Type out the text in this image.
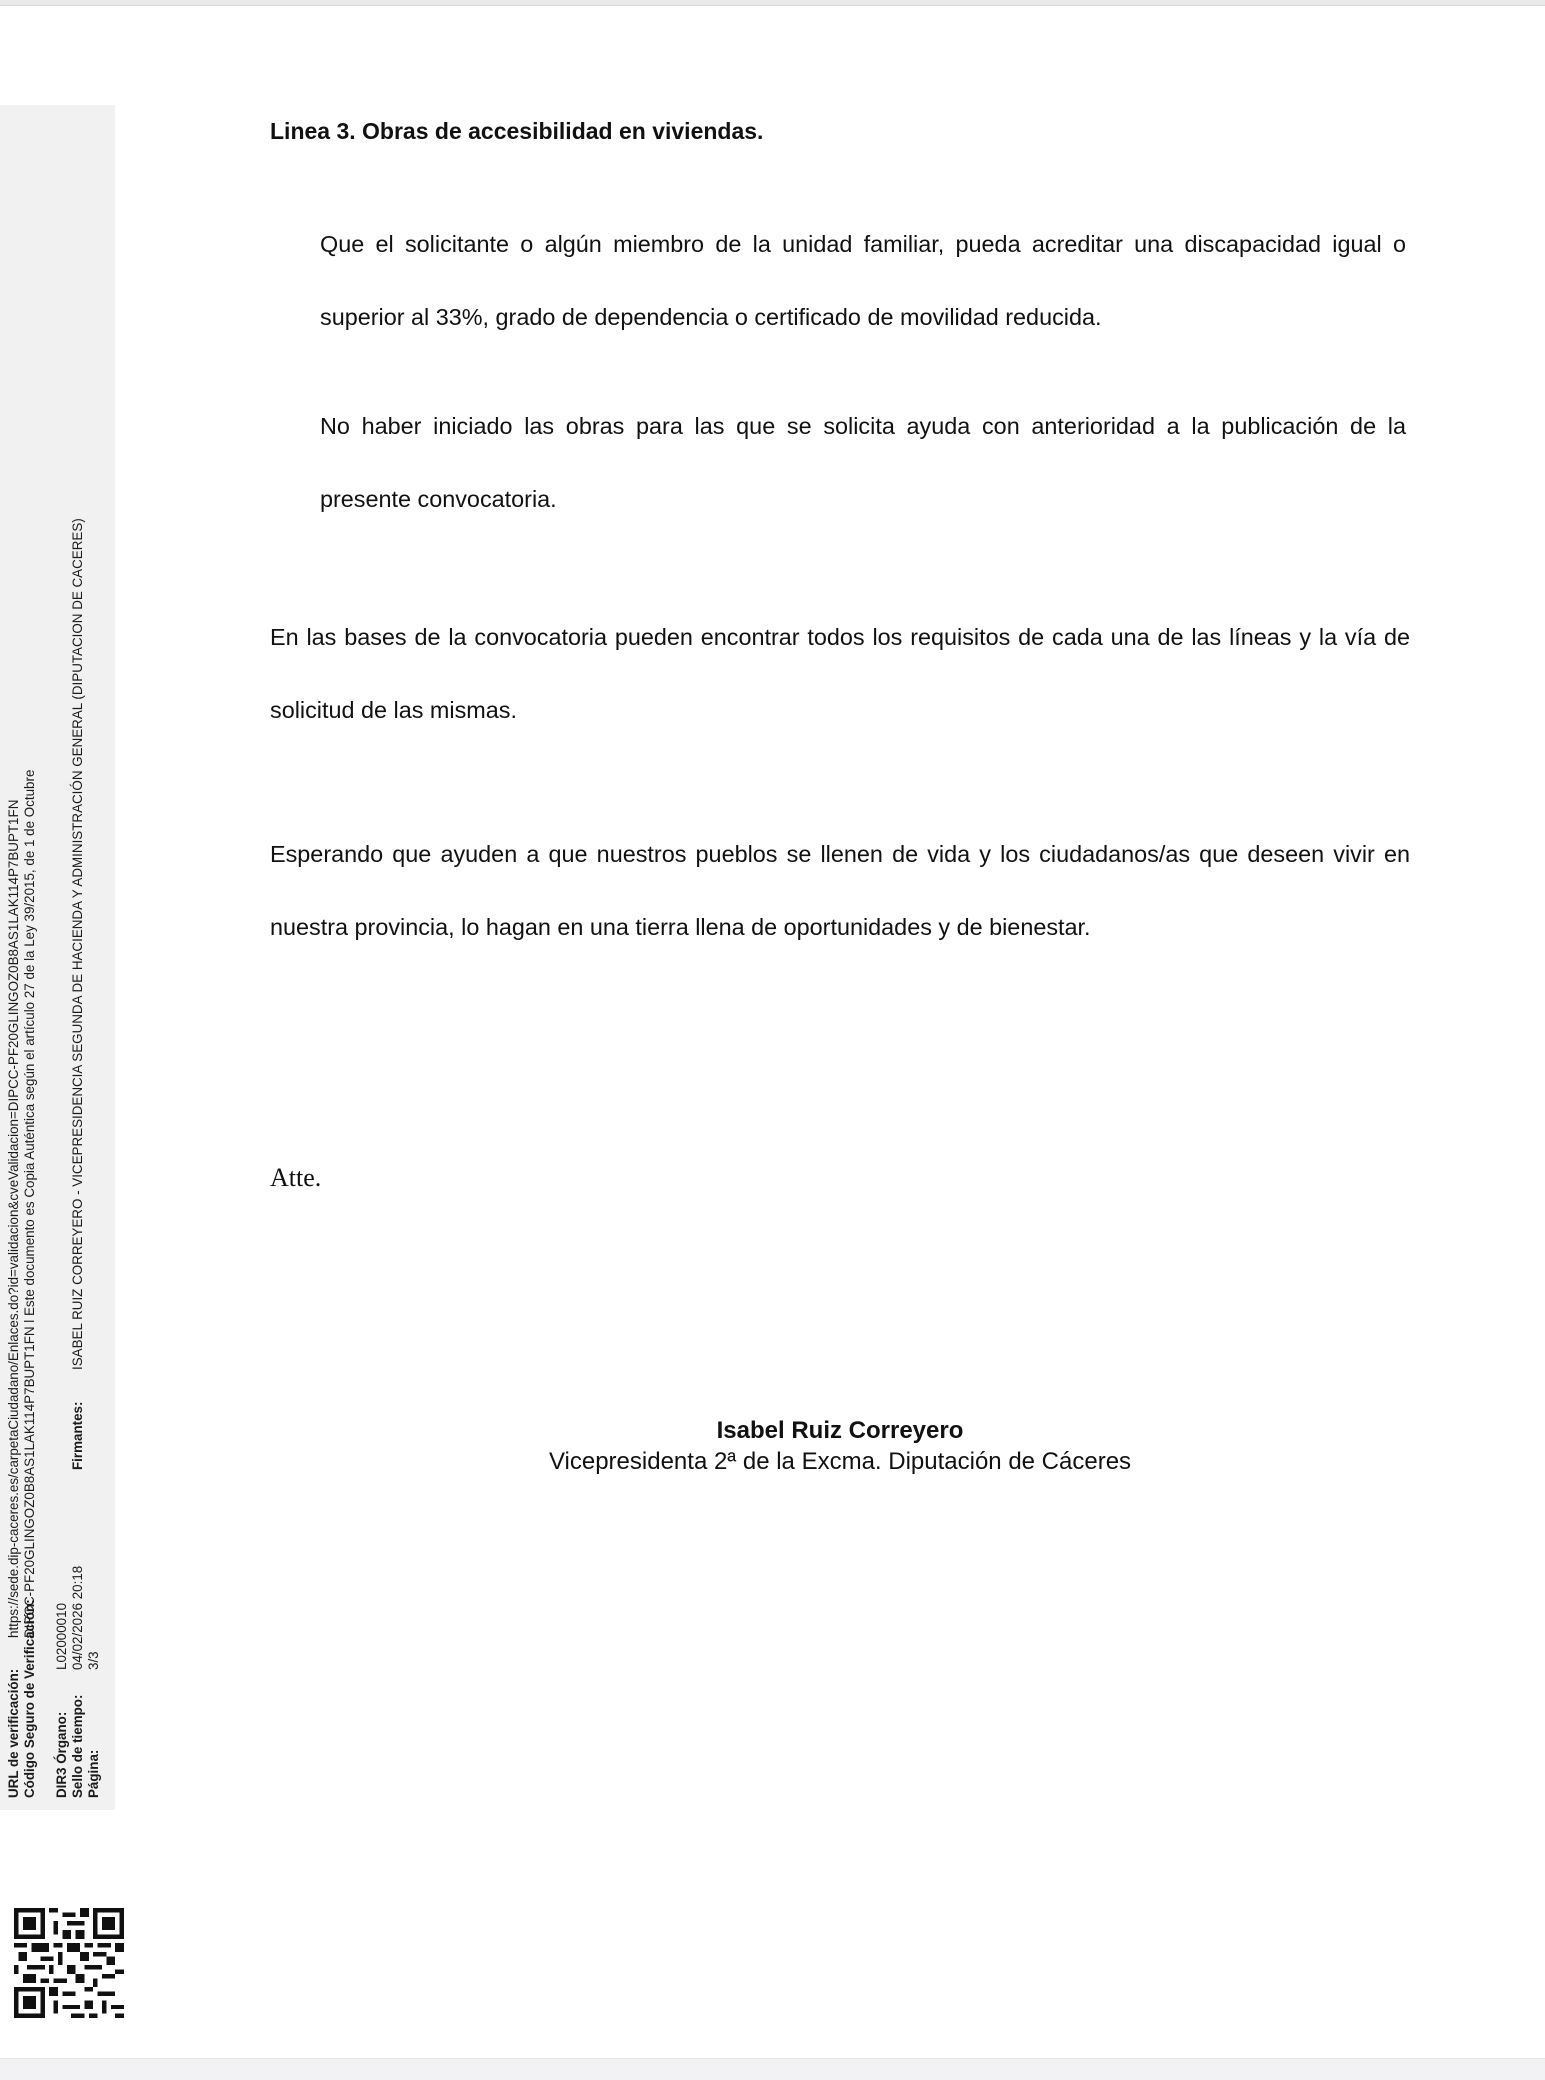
URL de verificación: Código Seguro de Verificación:
https://sede.dip-caceres.es/carpetaCiudadano/Enlaces.do?id=validacion&cveValidacion=DIPCC-PF20GLINGOZ0B8AS1LAK114P7BUPT1FN DIPCC-PF20GLINGOZ0B8AS1LAK114P7BUPT1FN l Este documento es Copia Auténtica según el artículo 27 de la Ley 39/2015, de 1 de Octubre
DIR3 Órgano: Sello de tiempo: Página:
L02000010 04/02/2026 20:18 3/3
Firmantes:
ISABEL RUIZ CORREYERO - VICEPRESIDENCIA SEGUNDA DE HACIENDA Y ADMINISTRACIÓN GENERAL (DIPUTACION DE CACERES)
Linea 3. Obras de accesibilidad en viviendas.
Que el solicitante o algún miembro de la unidad familiar, pueda acreditar una discapacidad igual o superior al 33%, grado de dependencia o certificado de movilidad reducida.
No haber iniciado las obras para las que se solicita ayuda con anterioridad a la publicación de la presente convocatoria.
En las bases de la convocatoria pueden encontrar todos los requisitos de cada una de las líneas y la vía de solicitud de las mismas.
Esperando que ayuden a que nuestros pueblos se llenen de vida y los ciudadanos/as que deseen vivir en nuestra provincia, lo hagan en una tierra llena de oportunidades y de bienestar.
Atte.
Isabel Ruiz Correyero
Vicepresidenta 2ª de la Excma. Diputación de Cáceres
